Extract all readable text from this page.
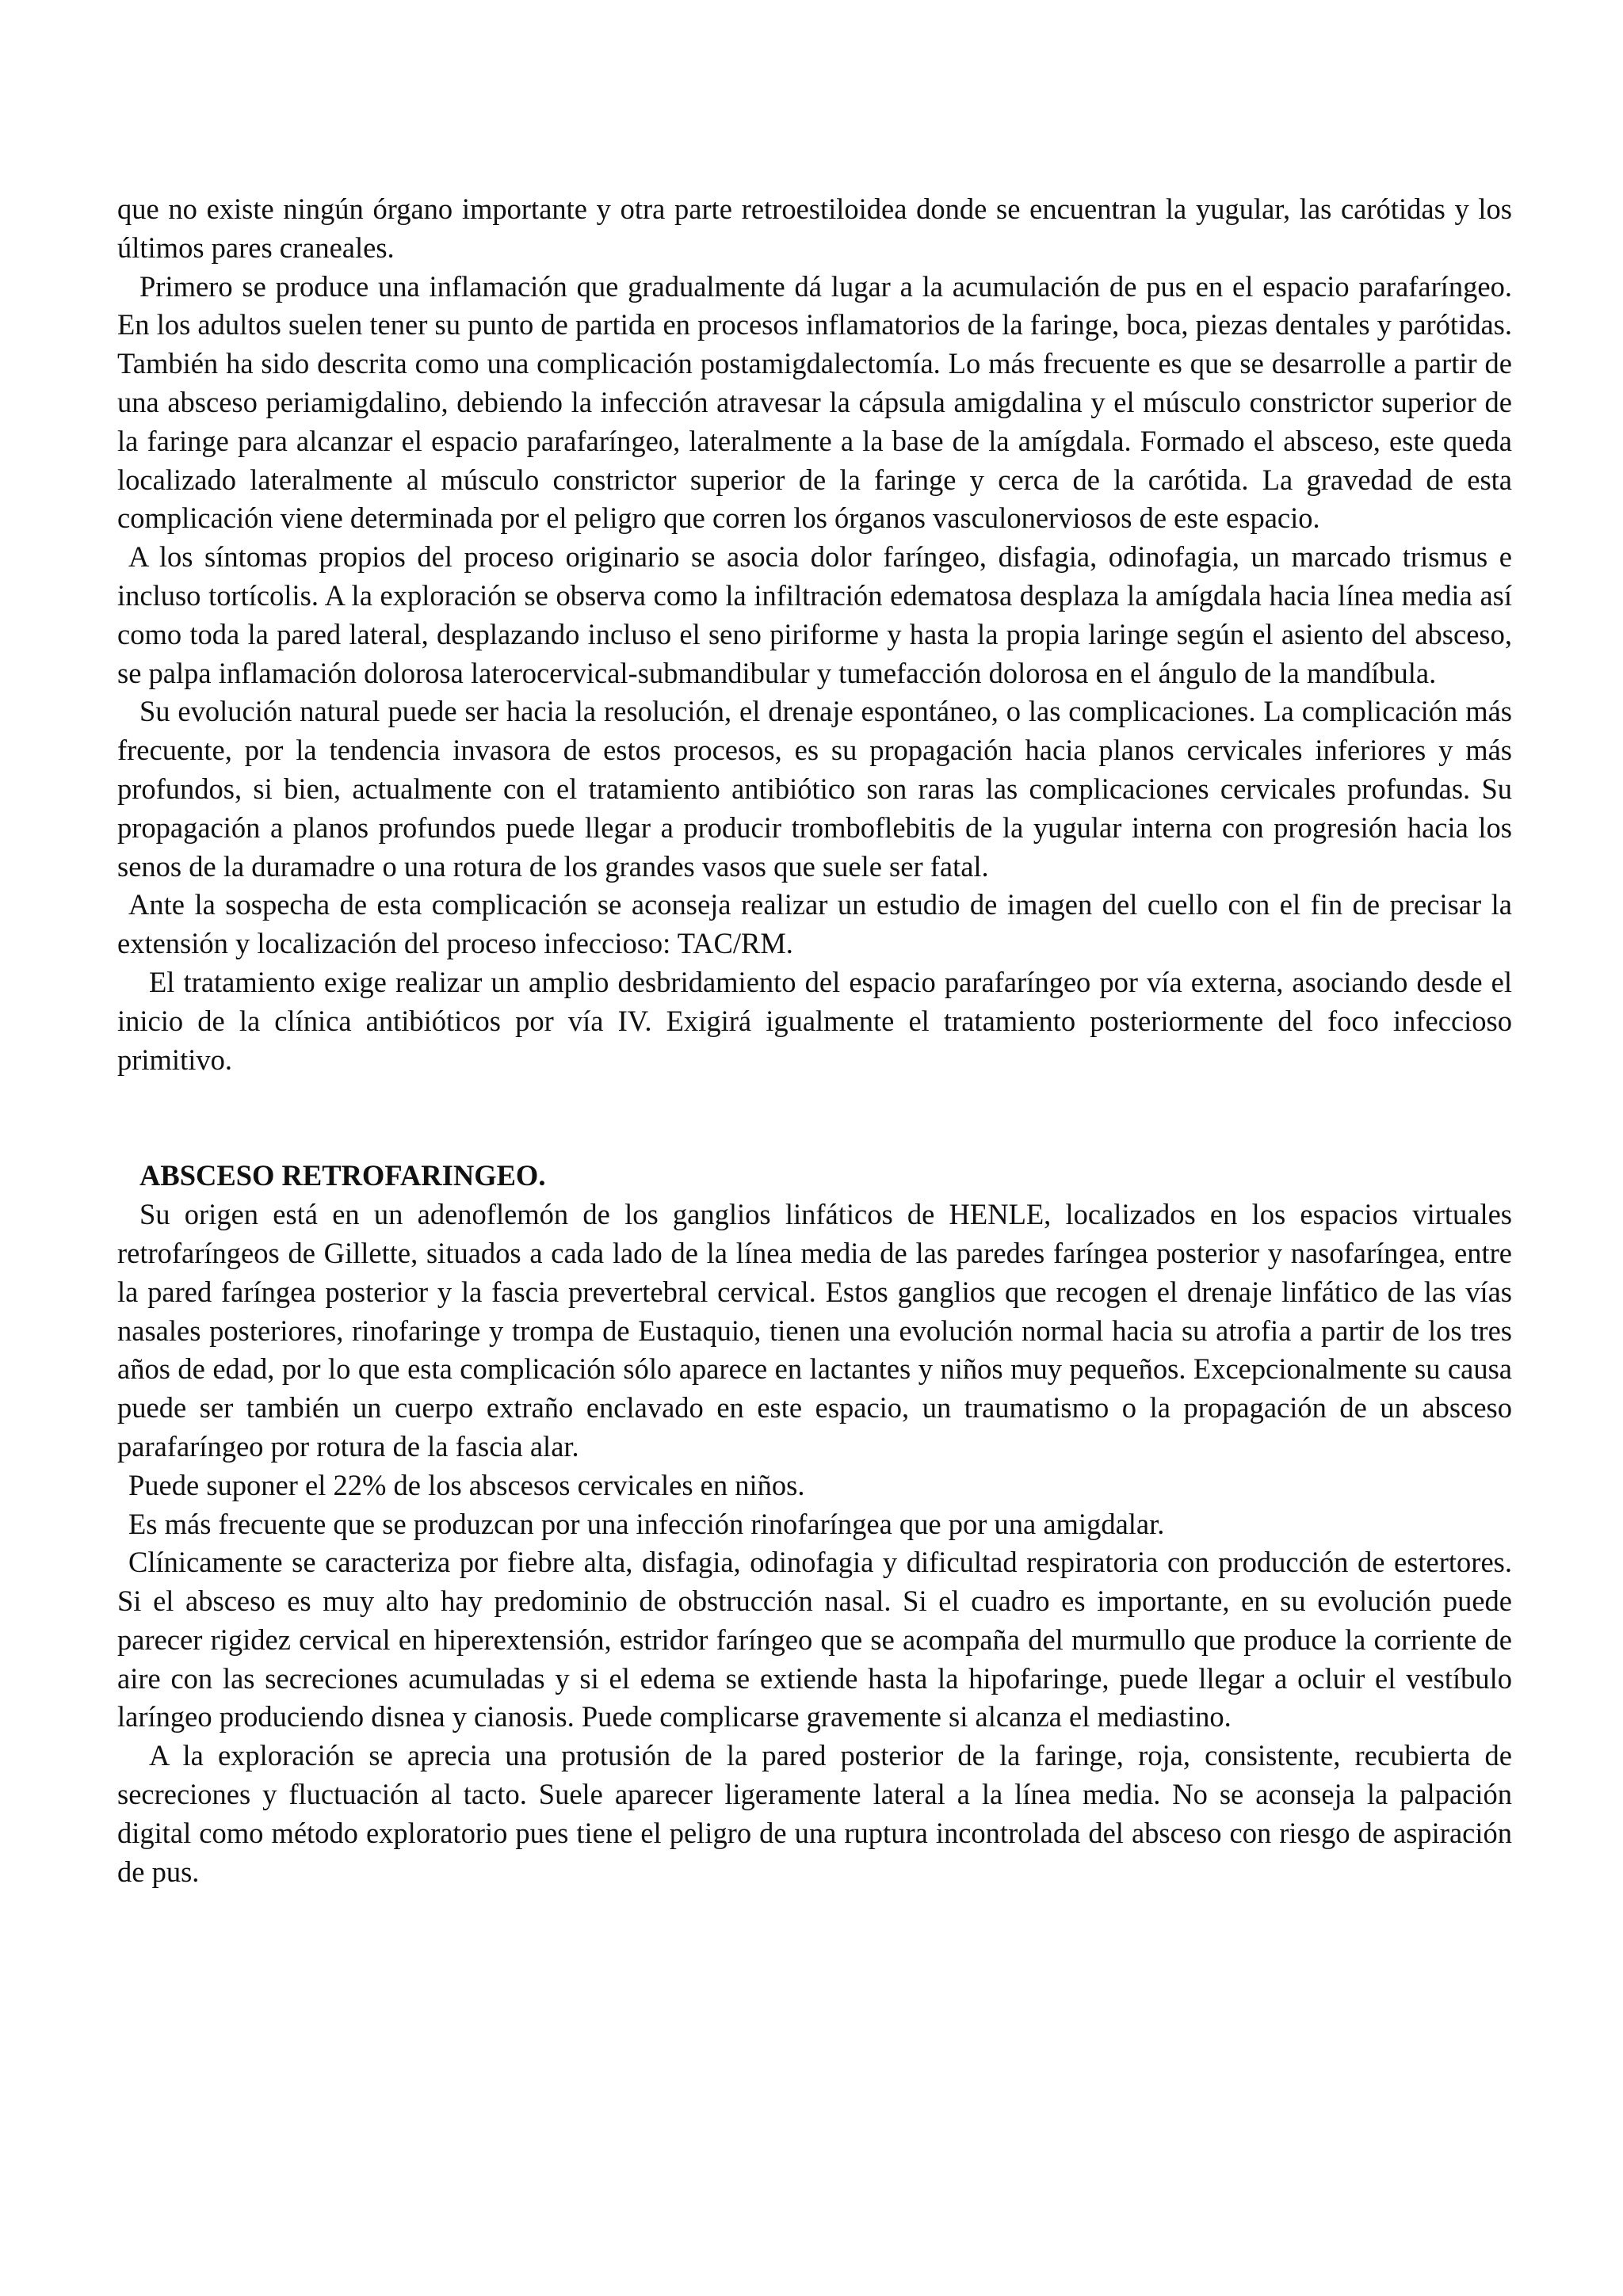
que no existe ningún órgano importante y otra parte retroestiloidea donde se encuentran la yugular, las carótidas y los últimos pares craneales.

Primero se produce una inflamación que gradualmente dá lugar a la acumulación de pus en el espacio parafaríngeo. En los adultos suelen tener su punto de partida en procesos inflamatorios de la faringe, boca, piezas dentales y parótidas. También ha sido descrita como una complicación postamigdalectomía. Lo más frecuente es que se desarrolle a partir de una absceso periamigdalino, debiendo la infección atravesar la cápsula amigdalina y el músculo constrictor superior de la faringe para alcanzar el espacio parafaríngeo, lateralmente a la base de la amígdala. Formado el absceso, este queda localizado lateralmente al músculo constrictor superior de la faringe y cerca de la carótida. La gravedad de esta complicación viene determinada por el peligro que corren los órganos vasculonerviosos de este espacio.

A los síntomas propios del proceso originario se asocia dolor faríngeo, disfagia, odinofagia, un marcado trismus e incluso tortícolis. A la exploración se observa como la infiltración edematosa desplaza la amígdala hacia línea media así como toda la pared lateral, desplazando incluso el seno piriforme y hasta la propia laringe según el asiento del absceso, se palpa inflamación dolorosa laterocervical-submandibular y tumefacción dolorosa en el ángulo de la mandíbula.

Su evolución natural puede ser hacia la resolución, el drenaje espontáneo, o las complicaciones. La complicación más frecuente, por la tendencia invasora de estos procesos, es su propagación hacia planos cervicales inferiores y más profundos, si bien, actualmente con el tratamiento antibiótico son raras las complicaciones cervicales profundas. Su propagación a planos profundos puede llegar a producir tromboflebitis de la yugular interna con progresión hacia los senos de la duramadre o una rotura de los grandes vasos que suele ser fatal.

Ante la sospecha de esta complicación se aconseja realizar un estudio de imagen del cuello con el fin de precisar la extensión y localización del proceso infeccioso: TAC/RM.

El tratamiento exige realizar un amplio desbridamiento del espacio parafaríngeo por vía externa, asociando desde el inicio de la clínica antibióticos por vía IV. Exigirá igualmente el tratamiento posteriormente del foco infeccioso primitivo.

ABSCESO RETROFARINGEO.

Su origen está en un adenoflemón de los ganglios linfáticos de HENLE, localizados en los espacios virtuales retrofaríngeos de Gillette, situados a cada lado de la línea media de las paredes faríngea posterior y nasofaríngea, entre la pared faríngea posterior y la fascia prevertebral cervical. Estos ganglios que recogen el drenaje linfático de las vías nasales posteriores, rinofaringe y trompa de Eustaquio, tienen una evolución normal hacia su atrofia a partir de los tres años de edad, por lo que esta complicación sólo aparece en lactantes y niños muy pequeños. Excepcionalmente su causa puede ser también un cuerpo extraño enclavado en este espacio, un traumatismo o la propagación de un absceso parafaríngeo por rotura de la fascia alar.

Puede suponer el 22% de los abscesos cervicales en niños.

Es más frecuente que se produzcan por una infección rinofaríngea que por una amigdalar.

Clínicamente se caracteriza por fiebre alta, disfagia, odinofagia y dificultad respiratoria con producción de estertores. Si el absceso es muy alto hay predominio de obstrucción nasal. Si el cuadro es importante, en su evolución puede parecer rigidez cervical en hiperextensión, estridor faríngeo que se acompaña del murmullo que produce la corriente de aire con las secreciones acumuladas y si el edema se extiende hasta la hipofaringe, puede llegar a ocluir el vestíbulo laríngeo produciendo disnea y cianosis. Puede complicarse gravemente si alcanza el mediastino.

A la exploración se aprecia una protusión de la pared posterior de la faringe, roja, consistente, recubierta de secreciones y fluctuación al tacto. Suele aparecer ligeramente lateral a la línea media. No se aconseja la palpación digital como método exploratorio pues tiene el peligro de una ruptura incontrolada del absceso con riesgo de aspiración de pus.
